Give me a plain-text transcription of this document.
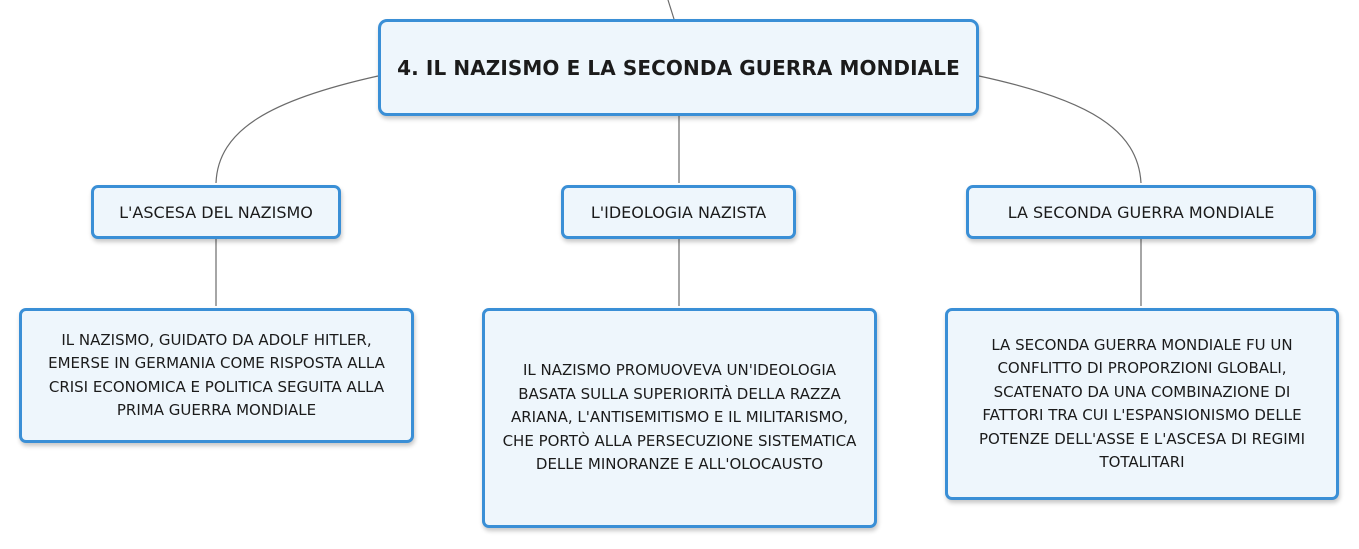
4. IL NAZISMO E LA SECONDA GUERRA MONDIALE
L'ASCESA DEL NAZISMO	L'IDEOLOGIA NAZISTA	LA SECONDA GUERRA MONDIALE
IL NAZISMO, GUIDATO DA ADOLF HITLER, EMERSE IN GERMANIA COME RISPOSTA ALLA CRISI ECONOMICA E POLITICA SEGUITA ALLA PRIMA GUERRA MONDIALE
IL NAZISMO PROMUOVEVA UN'IDEOLOGIA BASATA SULLA SUPERIORITÀ DELLA RAZZA ARIANA, L'ANTISEMITISMO E IL MILITARISMO, CHE PORTÒ ALLA PERSECUZIONE SISTEMATICA DELLE MINORANZE E ALL'OLOCAUSTO
LA SECONDA GUERRA MONDIALE FU UN CONFLITTO DI PROPORZIONI GLOBALI, SCATENATO DA UNA COMBINAZIONE DI FATTORI TRA CUI L'ESPANSIONISMO DELLE POTENZE DELL'ASSE E L'ASCESA DI REGIMI TOTALITARI
